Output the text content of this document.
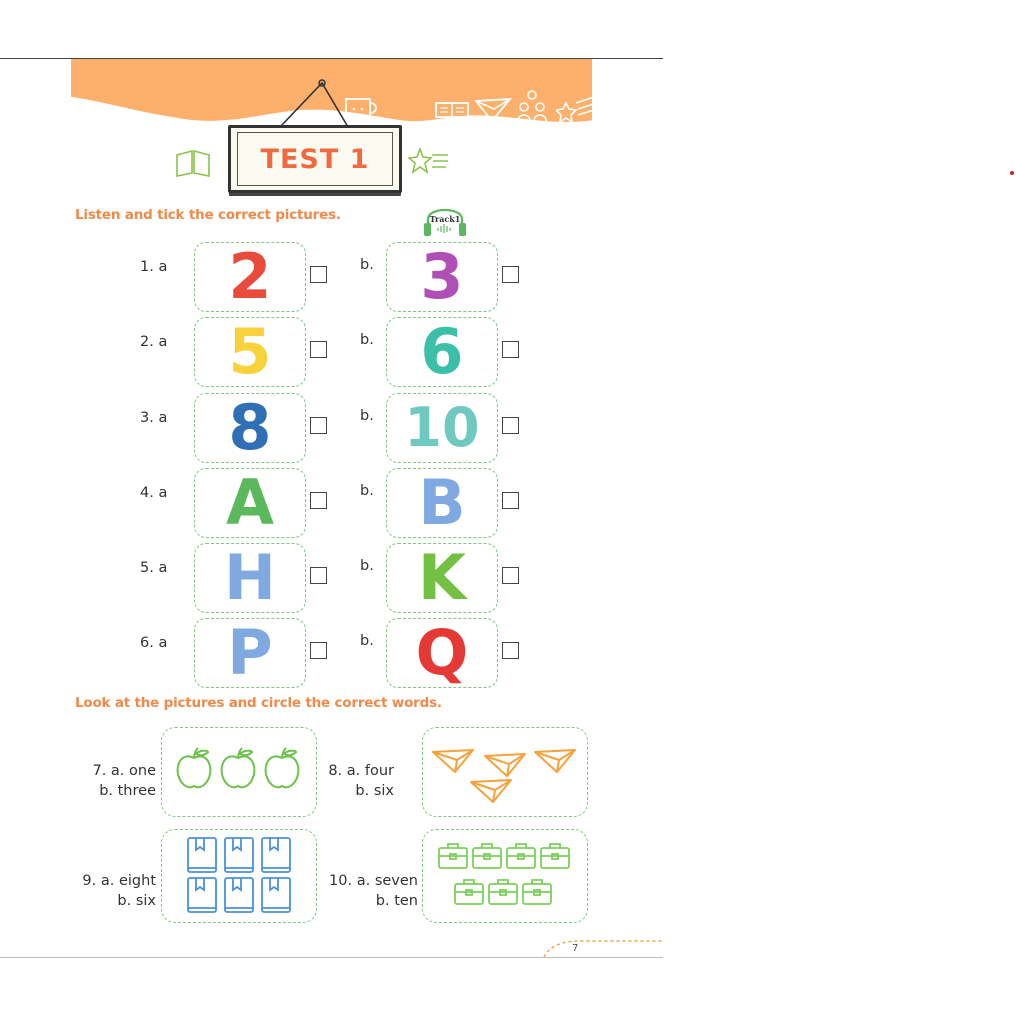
TEST 1
Listen and tick the correct pictures.	Track1
1. a 2	b. 3
2. a 5	b. 6
3. a 8	b. 10
4. a A	b. B
5. a H	b. K
6. a P	b. Q
Look at the pictures and circle the correct words.
7. a. one
b. three
8. a. four
b. six
9. a. eight
b. six
10. a. seven
b. ten
7
